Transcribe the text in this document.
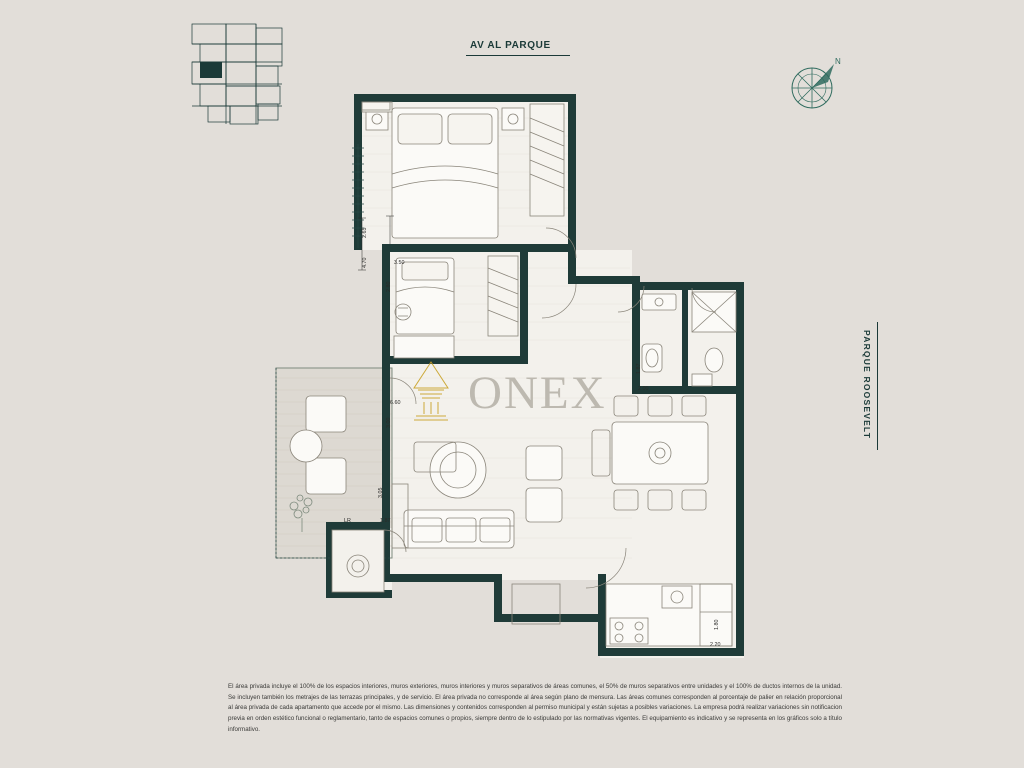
AV AL PARQUE
PARQUE ROOSEVELT
N
2.65
4.70	3.50
2.80
1.87
2.00
6.60
3.00
3.05
1.87
1.80
2.20
LR
ONEX
El área privada incluye el 100% de los espacios interiores, muros exteriores, muros interiores y muros separativos de áreas comunes, el 50% de muros separativos entre unidades y el 100% de ductos internos de la unidad. Se incluyen también los metrajes de las terrazas principales, y de servicio. El área privada no corresponde al área según plano de mensura. Las áreas comunes corresponden al porcentaje de palier en relación proporcional al área privada de cada apartamento que accede por el mismo. Las dimensiones y contenidos corresponden al permiso municipal y están sujetas a posibles variaciones. La empresa podrá realizar variaciones sin notificacion previa en orden estético funcional o reglamentario, tanto de espacios comunes o propios, siempre dentro de lo estipulado por las normativas vigentes. El equipamiento es indicativo y se representa en los gráficos solo a título informativo.
